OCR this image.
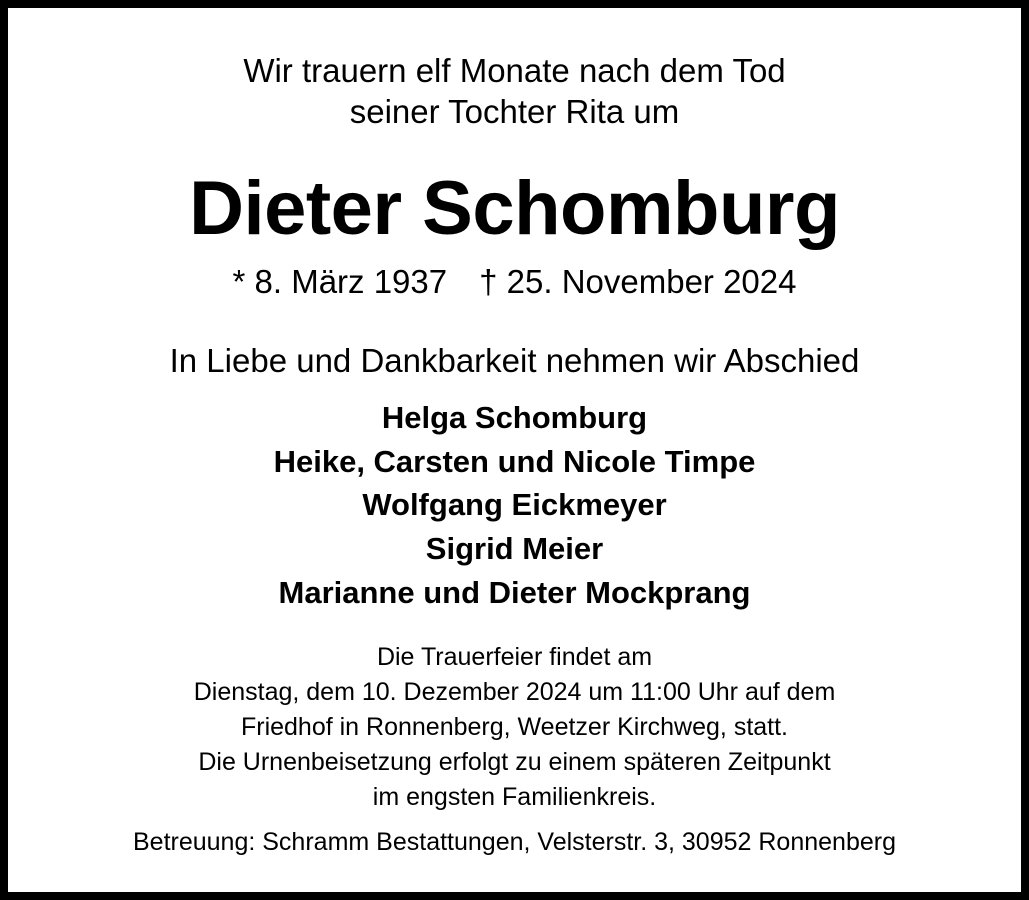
Wir trauern elf Monate nach dem Tod
seiner Tochter Rita um
Dieter Schomburg
* 8. März 1937 † 25. November 2024
In Liebe und Dankbarkeit nehmen wir Abschied
Helga Schomburg
Heike, Carsten und Nicole Timpe
Wolfgang Eickmeyer
Sigrid Meier
Marianne und Dieter Mockprang
Die Trauerfeier findet am
Dienstag, dem 10. Dezember 2024 um 11:00 Uhr auf dem
Friedhof in Ronnenberg, Weetzer Kirchweg, statt.
Die Urnenbeisetzung erfolgt zu einem späteren Zeitpunkt
im engsten Familienkreis.
Betreuung: Schramm Bestattungen, Velsterstr. 3, 30952 Ronnenberg
